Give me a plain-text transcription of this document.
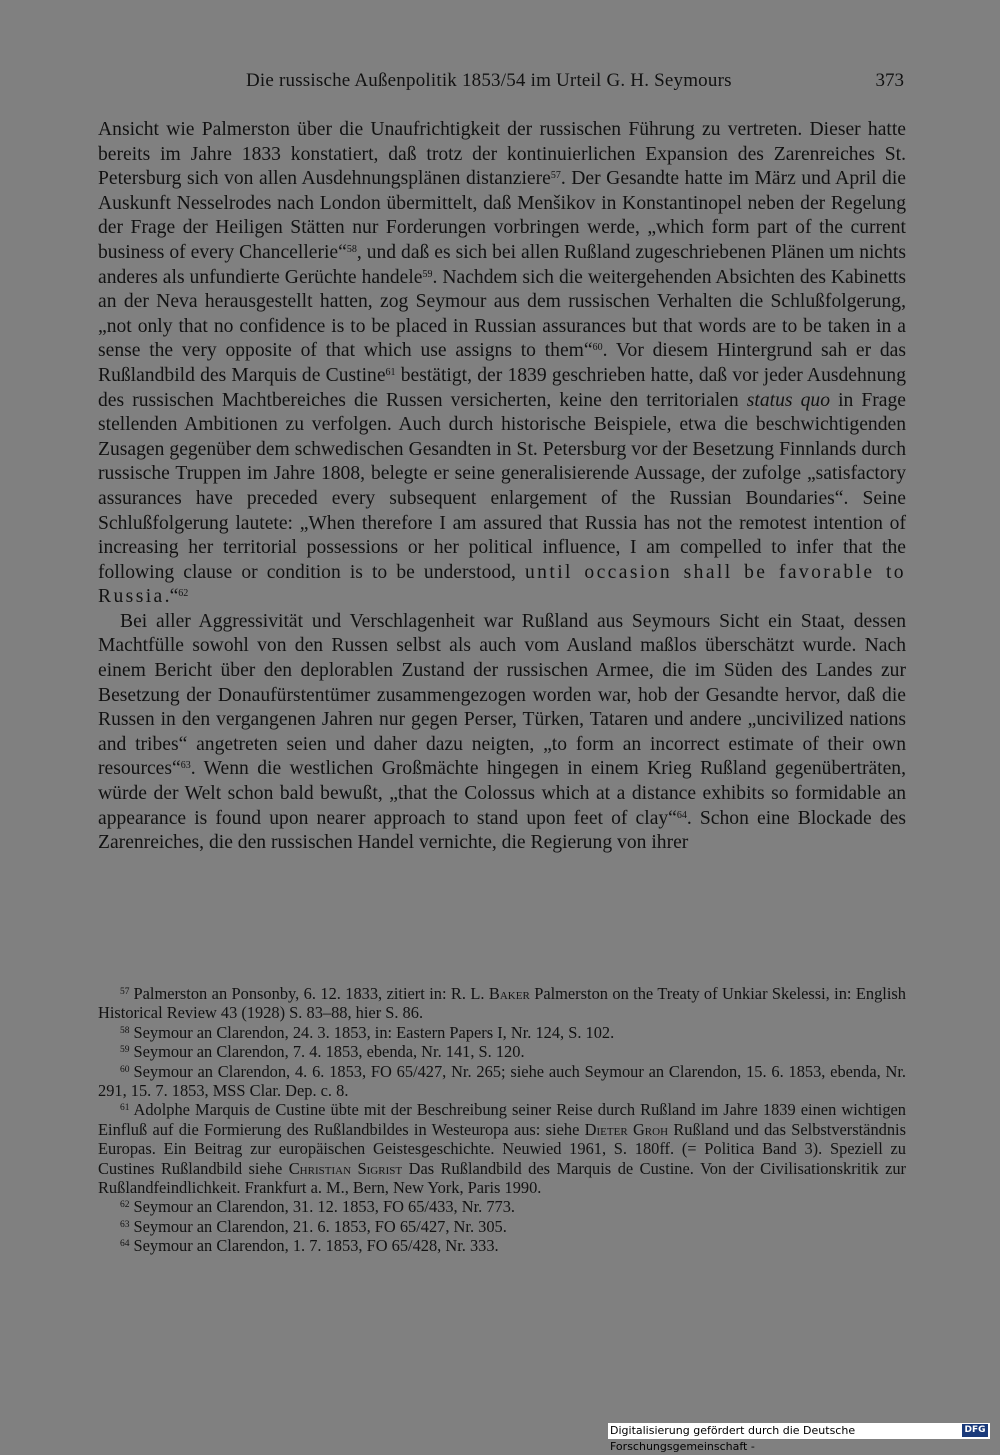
Die russische Außenpolitik 1853/54 im Urteil G. H. Seymours	373

Ansicht wie Palmerston über die Unaufrichtigkeit der russischen Führung zu vertreten. Dieser hatte bereits im Jahre 1833 konstatiert, daß trotz der kontinuierlichen Expansion des Zarenreiches St. Petersburg sich von allen Ausdehnungsplänen distanziere$^{57}$. Der Gesandte hatte im März und April die Auskunft Nesselrodes nach London übermittelt, daß Menšikov in Konstantinopel neben der Regelung der Frage der Heiligen Stätten nur Forderungen vorbringen werde, „which form part of the current business of every Chancellerie“$^{58}$, und daß es sich bei allen Rußland zugeschriebenen Plänen um nichts anderes als unfundierte Gerüchte handele$^{59}$. Nachdem sich die weitergehenden Absichten des Kabinetts an der Neva herausgestellt hatten, zog Seymour aus dem russischen Verhalten die Schlußfolgerung, „not only that no confidence is to be placed in Russian assurances but that words are to be taken in a sense the very opposite of that which use assigns to them“$^{60}$. Vor diesem Hintergrund sah er das Rußlandbild des Marquis de Custine$^{61}$ bestätigt, der 1839 geschrieben hatte, daß vor jeder Ausdehnung des russischen Machtbereiches die Russen versicherten, keine den territorialen status quo in Frage stellenden Ambitionen zu verfolgen. Auch durch historische Beispiele, etwa die beschwichtigenden Zusagen gegenüber dem schwedischen Gesandten in St. Petersburg vor der Besetzung Finnlands durch russische Truppen im Jahre 1808, belegte er seine generalisierende Aussage, der zufolge „satisfactory assurances have preceded every subsequent enlargement of the Russian Boundaries“. Seine Schlußfolgerung lautete: „When therefore I am assured that Russia has not the remotest intention of increasing her territorial possessions or her political influence, I am compelled to infer that the following clause or condition is to be understood, until occasion shall be favorable to Russia.“$^{62}$

Bei aller Aggressivität und Verschlagenheit war Rußland aus Seymours Sicht ein Staat, dessen Machtfülle sowohl von den Russen selbst als auch vom Ausland maßlos überschätzt wurde. Nach einem Bericht über den deplorablen Zustand der russischen Armee, die im Süden des Landes zur Besetzung der Donaufürstentümer zusammengezogen worden war, hob der Gesandte hervor, daß die Russen in den vergangenen Jahren nur gegen Perser, Türken, Tataren und andere „uncivilized nations and tribes“ angetreten seien und daher dazu neigten, „to form an incorrect estimate of their own resources“$^{63}$. Wenn die westlichen Großmächte hingegen in einem Krieg Rußland gegenüberträten, würde der Welt schon bald bewußt, „that the Colossus which at a distance exhibits so formidable an appearance is found upon nearer approach to stand upon feet of clay“$^{64}$. Schon eine Blockade des Zarenreiches, die den russischen Handel vernichte, die Regierung von ihrer

$^{57}$ Palmerston an Ponsonby, 6. 12. 1833, zitiert in: R. L. Baker Palmerston on the Treaty of Unkiar Skelessi, in: English Historical Review 43 (1928) S. 83–88, hier S. 86.

$^{58}$ Seymour an Clarendon, 24. 3. 1853, in: Eastern Papers I, Nr. 124, S. 102.

$^{59}$ Seymour an Clarendon, 7. 4. 1853, ebenda, Nr. 141, S. 120.

$^{60}$ Seymour an Clarendon, 4. 6. 1853, FO 65/427, Nr. 265; siehe auch Seymour an Clarendon, 15. 6. 1853, ebenda, Nr. 291, 15. 7. 1853, MSS Clar. Dep. c. 8.

$^{61}$ Adolphe Marquis de Custine übte mit der Beschreibung seiner Reise durch Rußland im Jahre 1839 einen wichtigen Einfluß auf die Formierung des Rußlandbildes in Westeuropa aus: siehe Dieter Groh Rußland und das Selbstverständnis Europas. Ein Beitrag zur europäischen Geistesgeschichte. Neuwied 1961, S. 180ff. (= Politica Band 3). Speziell zu Custines Rußlandbild siehe Christian Sigrist Das Rußlandbild des Marquis de Custine. Von der Civilisationskritik zur Rußlandfeindlichkeit. Frankfurt a. M., Bern, New York, Paris 1990.

$^{62}$ Seymour an Clarendon, 31. 12. 1853, FO 65/433, Nr. 773.

$^{63}$ Seymour an Clarendon, 21. 6. 1853, FO 65/427, Nr. 305.

$^{64}$ Seymour an Clarendon, 1. 7. 1853, FO 65/428, Nr. 333.

Digitalisierung gefördert durch die Deutsche Forschungsgemeinschaft -
DFG
